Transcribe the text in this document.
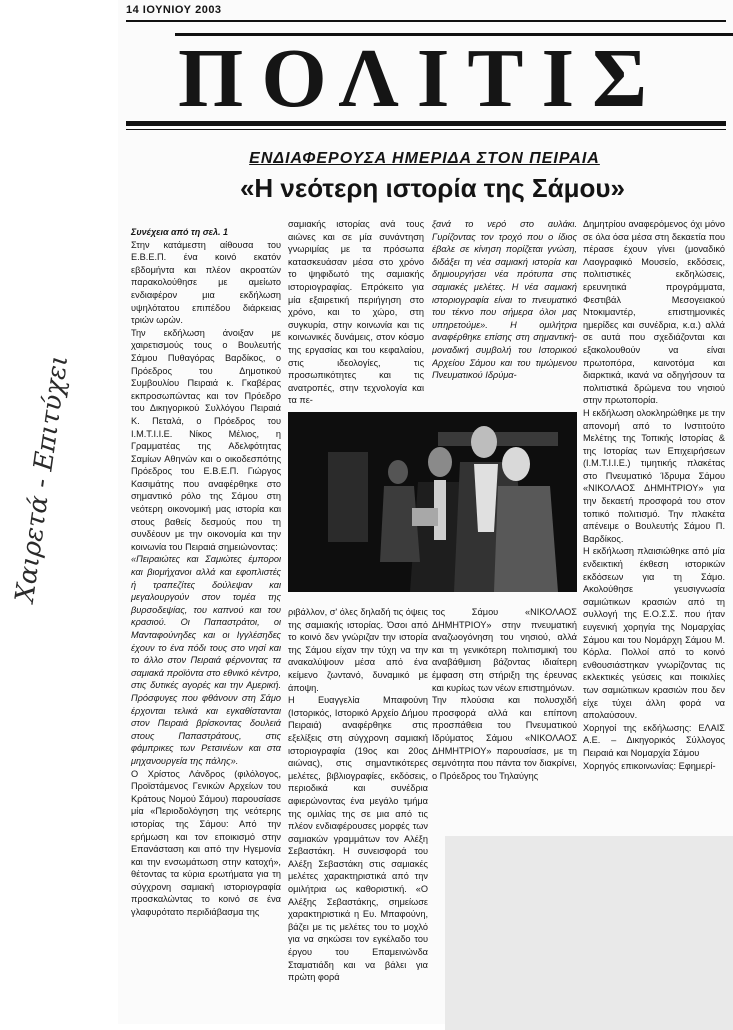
14 ΙΟΥΝΙΟΥ 2003
ΠΟΛΙΤΙΣ
ΕΝΔΙΑΦΕΡΟΥΣΑ ΗΜΕΡΙΔΑ ΣΤΟΝ ΠΕΙΡΑΙΑ
«Η νεότερη ιστορία της Σάμου»
Χαιρετά - Επιτύχει

Συνέχεια από τη σελ. 1

Στην κατάμεστη αίθουσα του Ε.Β.Ε.Π. ένα κοινό εκατόν εβδομήντα και πλέον ακροατών παρακολούθησε με αμείωτο ενδιαφέρον μια εκδήλωση υψηλότατου επιπέδου διάρκειας τριών ωρών.

Την εκδήλωση άνοιξαν με χαιρετισμούς τους ο Βουλευτής Σάμου Πυθαγόρας Βαρδίκος, ο Πρόεδρος του Δημοτικού Συμβουλίου Πειραιά κ. Γκαβέρας εκπροσωπώντας και τον Πρόεδρο του Δικηγορικού Συλλόγου Πειραιά Κ. Πεταλά, ο Πρόεδρος του Ι.Μ.Τ.Ι.Ι.Ε. Νίκος Μέλιος, η Γραμματέας της Αδελφότητας Σαμίων Αθηνών και ο οικοδεσπότης Πρόεδρος του Ε.Β.Ε.Π. Γιώργος Κασιμάτης που αναφέρθηκε στο σημαντικό ρόλο της Σάμου στη νεότερη οικονομική μας ιστορία και στους βαθείς δεσμούς που τη συνδέουν με την οικονομία και την κοινωνία του Πειραιά σημειώνοντας:

«Πειραιώτες και Σαμιώτες έμποροι και βιομήχανοι αλλά και εφοπλιστές ή τραπεζίτες δούλεψαν και μεγαλουργούν στον τομέα της βυρσοδεψίας, του καπνού και του κρασιού. Οι Παπαστράτοι, οι Μανταφούνηδες και οι Ιγγλέσηδες έχουν το ένα πόδι τους στο νησί και το άλλο στον Πειραιά φέρνοντας τα σαμιακά προϊόντα στο εθνικό κέντρο, στις δυτικές αγορές και την Αμερική. Πρόσφυγες που φθάνουν στη Σάμο έρχονται τελικά και εγκαθίστανται στον Πειραιά βρίσκοντας δουλειά στους Παπαστράτους, στις φάμπρικες των Ρετσινέων και στα μηχανουργεία της πάλης».

Ο Χρίστος Λάνδρος (φιλόλογος, Προϊστάμενος Γενικών Αρχείων του Κράτους Νομού Σάμου) παρουσίασε μία «Περιοδολόγηση της νεότερης ιστορίας της Σάμου: Από την ερήμωση και τον εποικισμό στην Επανάσταση και από την Ηγεμονία και την ενσωμάτωση στην κατοχή», θέτοντας τα κύρια ερωτήματα για τη σύγχρονη σαμιακή ιστοριογραφία προσκαλώντας το κοινό σε ένα γλαφυρότατο περιδιάβασμα της

σαμιακής ιστορίας ανά τους αιώνες και σε μία συνάντηση γνωριμίας με τα πρόσωπα κατασκευάσαν μέσα στο χρόνο το ψηφιδωτό της σαμιακής ιστοριογραφίας. Επρόκειτο για μία εξαιρετική περιήγηση στο χρόνο, και το χώρο, στη συγκυρία, στην κοινωνία και τις κοινωνικές δυνάμεις, στον κόσμο της εργασίας και του κεφαλαίου, στις ιδεολογίες, τις προσωπικότητες και τις ανατροπές, στην τεχνολογία και τα πε-

ξανά το νερό στο αυλάκι. Γυρίζοντας τον τροχό που ο ίδιος έβαλε σε κίνηση πορίζεται γνώση, διδάξει τη νέα σαμιακή ιστορία και δημιουργήσει νέα πρότυπα στις σαμιακές μελέτες. Η νέα σαμιακή ιστοριογραφία είναι το πνευματικό του τέκνο που σήμερα όλοι μας υπηρετούμε». Η ομιλήτρια αναφέρθηκε επίσης στη σημαντική-μοναδική συμβολή του Ιστορικού Αρχείου Σάμου και του τιμώμενου Πνευματικού Ιδρύμα-

ριβάλλον, σ' όλες δηλαδή τις όψεις της σαμιακής ιστορίας. Όσοι από το κοινό δεν γνώριζαν την ιστορία της Σάμου είχαν την τύχη να την ανακαλύψουν μέσα από ένα κείμενο ζωντανό, δυναμικό με άποψη.

Η Ευαγγελία Μπαφούνη (Ιστορικός, Ιστορικό Αρχείο Δήμου Πειραιά) αναφέρθηκε στις εξελίξεις στη σύγχρονη σαμιακή ιστοριογραφία (19ος και 20ος αιώνας), στις σημαντικότερες μελέτες, βιβλιογραφίες, εκδόσεις, περιοδικά και συνέδρια αφιερώνοντας ένα μεγάλο τμήμα της ομιλίας της σε μια από τις πλέον ενδιαφέρουσες μορφές των σαμιακών γραμμάτων τον Αλέξη Σεβαστάκη. Η συνεισφορά του Αλέξη Σεβαστάκη στις σαμιακές μελέτες χαρακτηριστικά από την ομιλήτρια ως καθοριστική. «Ο Αλέξης Σεβαστάκης, σημείωσε χαρακτηριστικά η Ευ. Μπαφούνη, βάζει με τις μελέτες του το μοχλό για να σηκώσει τον εγκέλαδο του έργου του Επαμεινώνδα Σταματιάδη και να βάλει για πρώτη φορά

τος Σάμου «ΝΙΚΟΛΑΟΣ ΔΗΜΗΤΡΙΟΥ» στην πνευματική αναζωογόνηση του νησιού, αλλά και τη γενικότερη πολιτισμική του αναβάθμιση βάζοντας ιδιαίτερη έμφαση στη στήριξη της έρευνας και κυρίως των νέων επιστημόνων.

Την πλούσια και πολυσχιδή προσφορά αλλά και επίπονη προσπάθεια του Πνευματικού Ιδρύματος Σάμου «ΝΙΚΟΛΑΟΣ ΔΗΜΗΤΡΙΟΥ» παρουσίασε, με τη σεμνότητα που πάντα τον διακρίνει, ο Πρόεδρος του Τηλαύγης

Δημητρίου αναφερόμενος όχι μόνο σε όλα όσα μέσα στη δεκαετία που πέρασε έχουν γίνει (μοναδικό Λαογραφικό Μουσείο, εκδόσεις, πολιτιστικές εκδηλώσεις, ερευνητικά προγράμματα, Φεστιβάλ Μεσογειακού Ντοκιμαντέρ, επιστημονικές ημερίδες και συνέδρια, κ.α.) αλλά σε αυτά που σχεδιάζονται και εξακολουθούν να είναι πρωτοπόρα, καινοτόμα και διαρκτικά, ικανά να οδηγήσουν τα πολιτιστικά δρώμενα του νησιού στην πρωτοπορία.

Η εκδήλωση ολοκληρώθηκε με την απονομή από το Ινστιτούτο Μελέτης της Τοπικής Ιστορίας & της Ιστορίας των Επιχειρήσεων (Ι.Μ.Τ.Ι.Ι.Ε.) τιμητικής πλακέτας στο Πνευματικό Ίδρυμα Σάμου «ΝΙΚΟΛΑΟΣ ΔΗΜΗΤΡΙΟΥ» για την δεκαετή προσφορά του στον τοπικό πολιτισμό. Την πλακέτα απένειμε ο Βουλευτής Σάμου Π. Βαρδίκος.

Η εκδήλωση πλαισιώθηκε από μία ενδεικτική έκθεση ιστορικών εκδόσεων για τη Σάμο. Ακολούθησε γευσιγνωσία σαμιώτικων κρασιών από τη συλλογή της Ε.Ο.Σ.Σ. που ήταν ευγενική χορηγία της Νομαρχίας Σάμου και του Νομάρχη Σάμου Μ. Κόρλα. Πολλοί από το κοινό ενθουσιάστηκαν γνωρίζοντας τις εκλεκτικές γεύσεις και ποικιλίες των σαμιώτικων κρασιών που δεν είχε τύχει άλλη φορά να απολαύσουν.

Χορηγοί της εκδήλωσης: ΕΛΑΙΣ Α.Ε. – Δικηγορικός Σύλλογος Πειραιά και Νομαρχία Σάμου

Χορηγός επικοινωνίας: Εφημερί-
